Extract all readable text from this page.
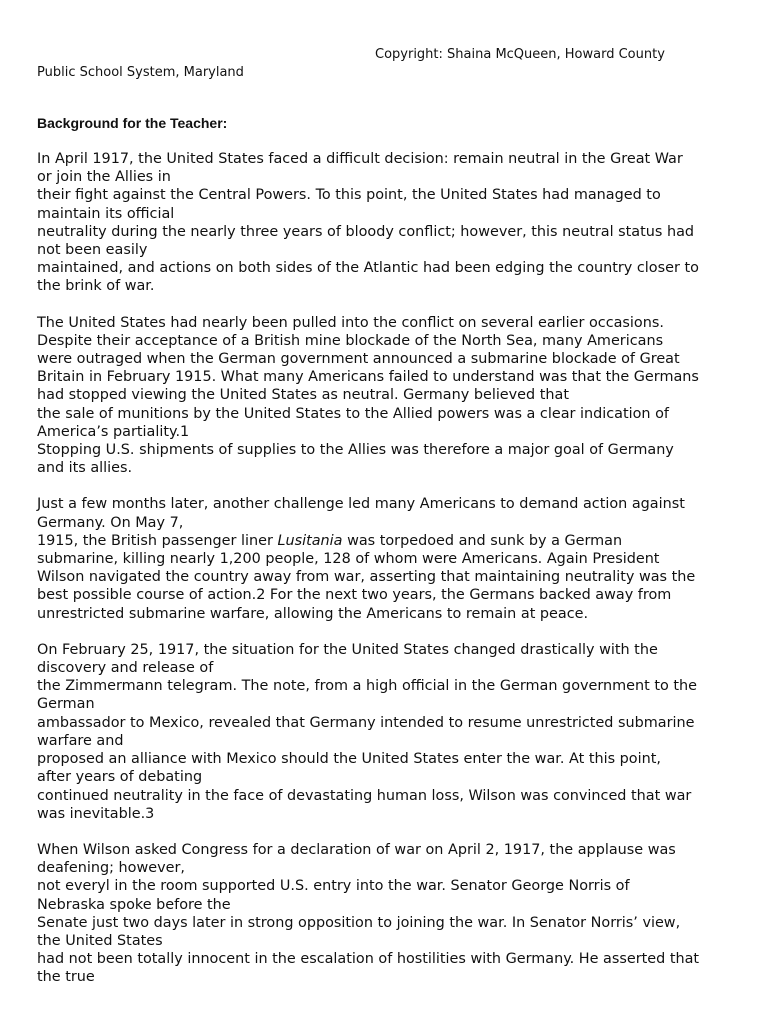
Copyright: Shaina McQueen, Howard County
Public School System, Maryland
Background for the Teacher:
In April 1917, the United States faced a difficult decision: remain neutral in the Great War
or join the Allies in
their fight against the Central Powers. To this point, the United States had managed to
maintain its official
neutrality during the nearly three years of bloody conflict; however, this neutral status had
not been easily
maintained, and actions on both sides of the Atlantic had been edging the country closer to
the brink of war.
The United States had nearly been pulled into the conflict on several earlier occasions.
Despite their acceptance of a British mine blockade of the North Sea, many Americans
were outraged when the German government announced a submarine blockade of Great
Britain in February 1915. What many Americans failed to understand was that the Germans
had stopped viewing the United States as neutral. Germany believed that
the sale of munitions by the United States to the Allied powers was a clear indication of
America’s partiality.1
Stopping U.S. shipments of supplies to the Allies was therefore a major goal of Germany
and its allies.
Just a few months later, another challenge led many Americans to demand action against
Germany. On May 7,
1915, the British passenger liner Lusitania was torpedoed and sunk by a German
submarine, killing nearly 1,200 people, 128 of whom were Americans. Again President
Wilson navigated the country away from war, asserting that maintaining neutrality was the
best possible course of action.2 For the next two years, the Germans backed away from
unrestricted submarine warfare, allowing the Americans to remain at peace.
On February 25, 1917, the situation for the United States changed drastically with the
discovery and release of
the Zimmermann telegram. The note, from a high official in the German government to the
German
ambassador to Mexico, revealed that Germany intended to resume unrestricted submarine
warfare and
proposed an alliance with Mexico should the United States enter the war. At this point,
after years of debating
continued neutrality in the face of devastating human loss, Wilson was convinced that war
was inevitable.3
When Wilson asked Congress for a declaration of war on April 2, 1917, the applause was
deafening; however,
not everyl in the room supported U.S. entry into the war. Senator George Norris of
Nebraska spoke before the
Senate just two days later in strong opposition to joining the war. In Senator Norris’ view,
the United States
had not been totally innocent in the escalation of hostilities with Germany. He asserted that
the true
